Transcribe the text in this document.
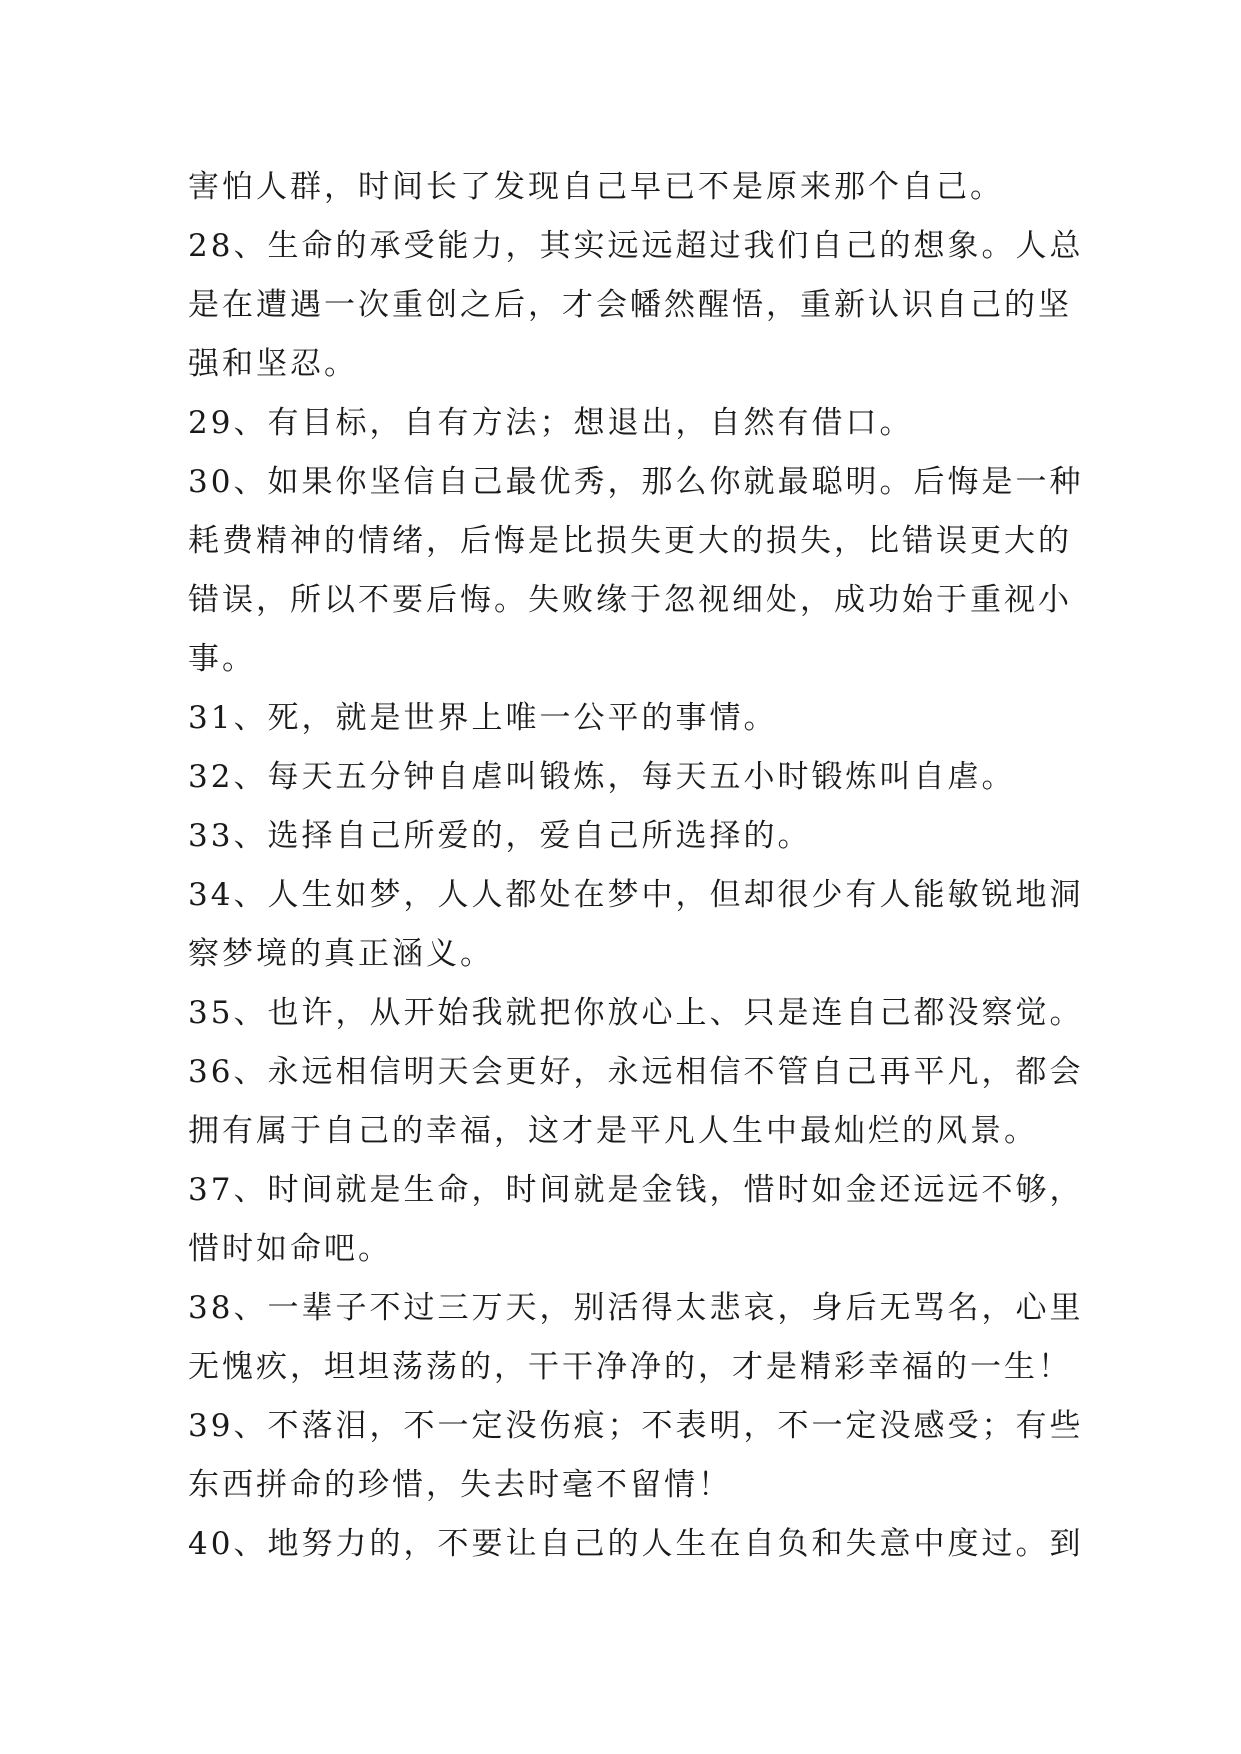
害怕人群，时间长了发现自己早已不是原来那个自己。
28、生命的承受能力，其实远远超过我们自己的想象。人总
是在遭遇一次重创之后，才会幡然醒悟，重新认识自己的坚
强和坚忍。
29、有目标，自有方法；想退出，自然有借口。
30、如果你坚信自己最优秀，那么你就最聪明。后悔是一种
耗费精神的情绪，后悔是比损失更大的损失，比错误更大的
错误，所以不要后悔。失败缘于忽视细处，成功始于重视小
事。
31、死，就是世界上唯一公平的事情。
32、每天五分钟自虐叫锻炼，每天五小时锻炼叫自虐。
33、选择自己所爱的，爱自己所选择的。
34、人生如梦，人人都处在梦中，但却很少有人能敏锐地洞
察梦境的真正涵义。
35、也许，从开始我就把你放心上、只是连自己都没察觉。
36、永远相信明天会更好，永远相信不管自己再平凡，都会
拥有属于自己的幸福，这才是平凡人生中最灿烂的风景。
37、时间就是生命，时间就是金钱，惜时如金还远远不够，
惜时如命吧。
38、一辈子不过三万天，别活得太悲哀，身后无骂名，心里
无愧疚，坦坦荡荡的，干干净净的，才是精彩幸福的一生！
39、不落泪，不一定没伤痕；不表明，不一定没感受；有些
东西拼命的珍惜，失去时毫不留情！
40、地努力的，不要让自己的人生在自负和失意中度过。到
